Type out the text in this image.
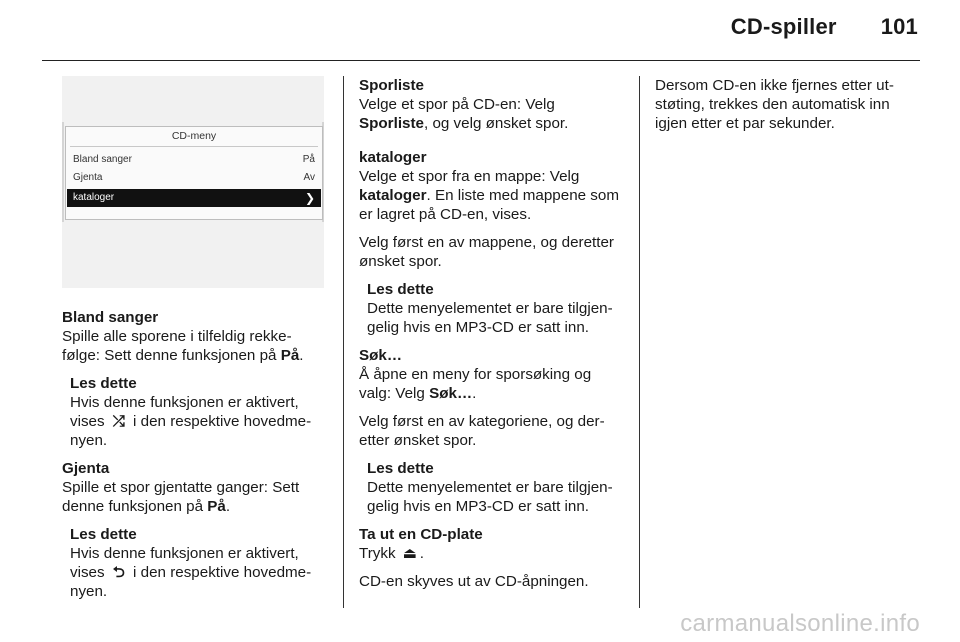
CD-spiller 101
CD-meny
Bland sanger	På
Gjenta	Av
kataloger	❯
Bland sanger

Spille alle sporene i tilfeldig rekkefølge: Sett denne funksjonen på På.

Les dette
Hvis denne funksjonen er aktivert, vises ⤮ i den respektive hovedmenyen.
Gjenta

Spille et spor gjentatte ganger: Sett denne funksjonen på På.

Les dette
Hvis denne funksjonen er aktivert, vises ⮌ i den respektive hovedmenyen.
Sporliste

Velge et spor på CD-en: Velg Sporliste, og velg ønsket spor.

kataloger

Velge et spor fra en mappe: Velg kataloger. En liste med mappene som er lagret på CD-en, vises.

Velg først en av mappene, og deretter ønsket spor.

Les dette
Dette menyelementet er bare tilgjengelig hvis en MP3-CD er satt inn.
Søk…

Å åpne en meny for sporsøking og valg: Velg Søk….

Velg først en av kategoriene, og deretter ønsket spor.

Les dette
Dette menyelementet er bare tilgjengelig hvis en MP3-CD er satt inn.
Ta ut en CD-plate

Trykk ⏏ .

CD-en skyves ut av CD-åpningen.

Dersom CD-en ikke fjernes etter utstøting, trekkes den automatisk inn igjen etter et par sekunder.

carmanualsonline.info
